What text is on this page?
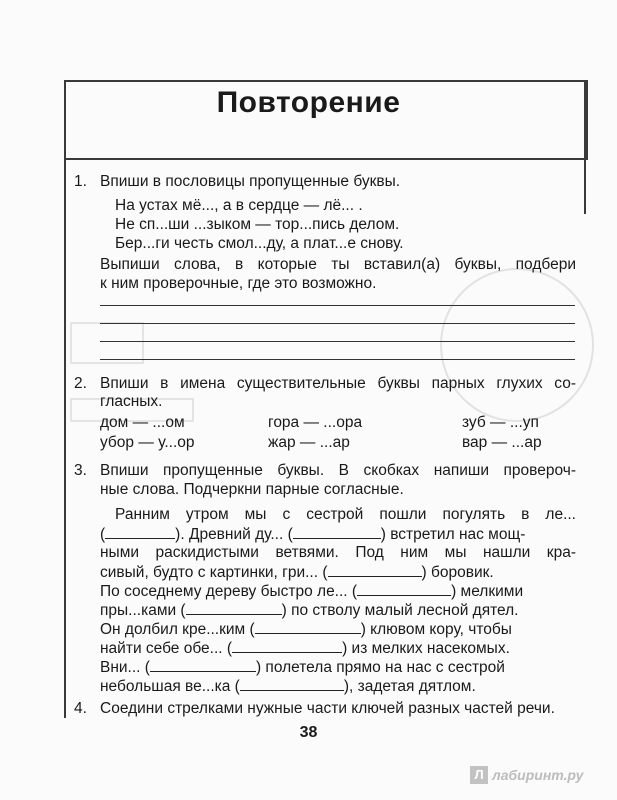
Повторение
1. Впиши в пословицы пропущенные буквы.
На устах мё..., а в сердце — лё... .
Не сп...ши ...зыком — тор...пись делом.
Бер...ги честь смол...ду, а плат...е снову.
Выпиши слова, в которые ты вставил(а) буквы, подбери
к ним проверочные, где это возможно.
2. Впиши в имена существительные буквы парных глухих со-
гласных.
дом — ...ом	гора — ...ора	зуб — ...уп
убор — у...ор	жар — ...ар	вар — ...ар
3. Впиши пропущенные буквы. В скобках напиши провероч-
ные слова. Подчеркни парные согласные.
Ранним утром мы с сестрой пошли погулять в ле...
(	). Древний ду... (	) встретил нас мощ-
ными раскидистыми ветвями. Под ним мы нашли кра-
сивый, будто с картинки, гри... (	) боровик.
По соседнему дереву быстро ле... (	) мелкими
пры...ками (	) по стволу малый лесной дятел.
Он долбил кре...ким (	) клювом кору, чтобы
найти себе обе... (	) из мелких насекомых.
Вни... (	) полетела прямо на нас с сестрой
небольшая ве...ка (	), задетая дятлом.
4. Соедини стрелками нужные части ключей разных частей речи.
38
Л лабиринт.ру
